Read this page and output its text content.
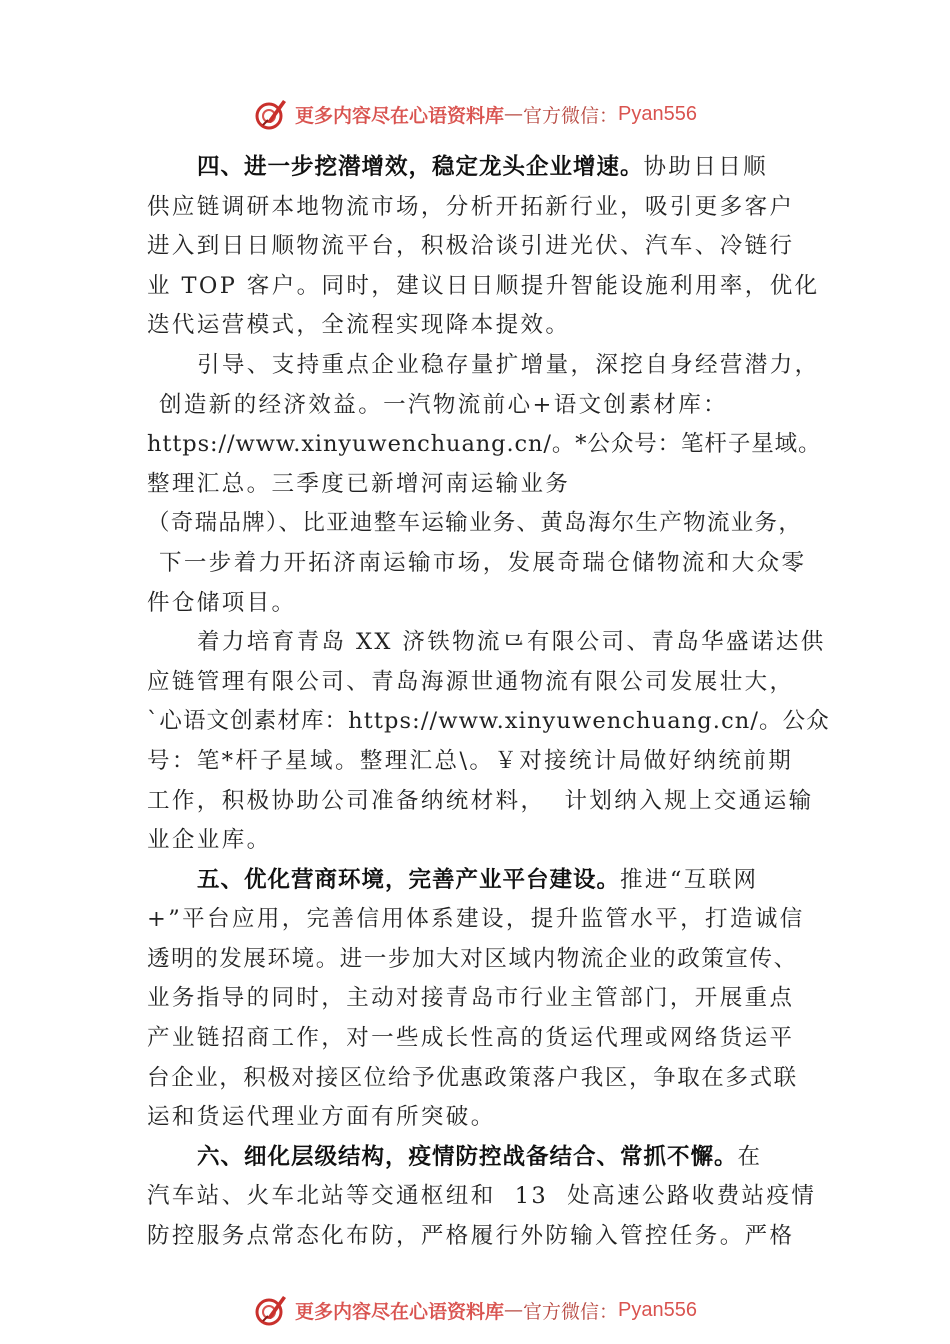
更多内容尽在心语资料库 — 官方微信： Pyan556
四、进一步挖潜增效，稳定龙头企业增速。协助日日顺
供应链调研本地物流市场，分析开拓新行业，吸引更多客户
进入到日日顺物流平台，积极洽谈引进光伏、汽车、冷链行
业 TOP 客户。同时，建议日日顺提升智能设施利用率，优化
迭代运营模式，全流程实现降本提效。
引导、支持重点企业稳存量扩增量，深挖自身经营潜力，
创造新的经济效益。一汽物流前心+语文创素材库：
https://www.xinyuwenchuang.cn/。*公众号：笔杆子星域。
整理汇总。三季度已新增河南运输业务
（奇瑞品牌）、比亚迪整车运输业务、黄岛海尔生产物流业务，
下一步着力开拓济南运输市场，发展奇瑞仓储物流和大众零
件仓储项目。
着力培育青岛 XX 济铁物流⺋有限公司、青岛华盛诺达供
应链管理有限公司、青岛海源世通物流有限公司发展壮大，
`心语文创素材库：https://www.xinyuwenchuang.cn/。公众
号：笔*杆子星域。整理汇总\。￥对接统计局做好纳统前期
工作，积极协助公司准备纳统材料，  计划纳入规上交通运输
业企业库。
五、优化营商环境，完善产业平台建设。推进“互联网
+”平台应用，完善信用体系建设，提升监管水平，打造诚信
透明的发展环境。进一步加大对区域内物流企业的政策宣传、
业务指导的同时，主动对接青岛市行业主管部门，开展重点
产业链招商工作，对一些成长性高的货运代理或网络货运平
台企业，积极对接区位给予优惠政策落户我区，争取在多式联
运和货运代理业方面有所突破。
六、细化层级结构，疫情防控战备结合、常抓不懈。在
汽车站、火车北站等交通枢纽和  13  处高速公路收费站疫情
防控服务点常态化布防，严格履行外防输入管控任务。严格
更多内容尽在心语资料库 — 官方微信： Pyan556
